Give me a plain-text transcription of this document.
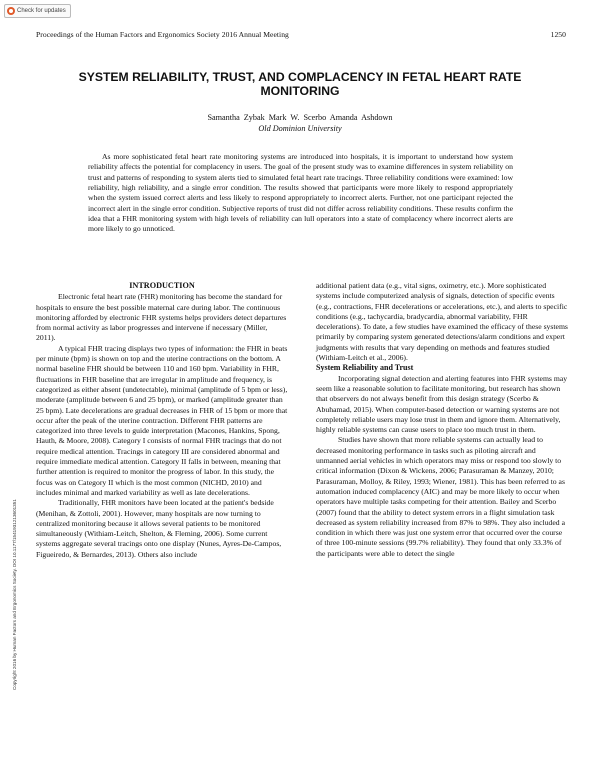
Check for updates
Proceedings of the Human Factors and Ergonomics Society 2016 Annual Meeting	1250
SYSTEM RELIABILITY, TRUST, AND COMPLACENCY IN FETAL HEART RATE MONITORING
Samantha Zybak Mark W. Scerbo Amanda Ashdown
Old Dominion University

As more sophisticated fetal heart rate monitoring systems are introduced into hospitals, it is important to understand how system reliability affects the potential for complacency in users. The goal of the present study was to examine differences in system reliability on trust and patterns of responding to system alerts tied to simulated fetal heart rate tracings. Three reliability conditions were examined: low reliability, high reliability, and a single error condition. The results showed that participants were more likely to respond appropriately when the system issued correct alerts and less likely to respond appropriately to incorrect alerts. Further, not one participant rejected the incorrect alert in the single error condition. Subjective reports of trust did not differ across reliability conditions. These results confirm the idea that a FHR monitoring system with high levels of reliability can lull operators into a state of complacency where incorrect alerts are more likely to go unnoticed.

INTRODUCTION

Electronic fetal heart rate (FHR) monitoring has become the standard for hospitals to ensure the best possible maternal care during labor. The continuous monitoring afforded by electronic FHR systems helps providers detect departures from normal activity as labor progresses and intervene if necessary (Miller, 2011).

A typical FHR tracing displays two types of information: the FHR in beats per minute (bpm) is shown on top and the uterine contractions on the bottom. A normal baseline FHR should be between 110 and 160 bpm. Variability in FHR, fluctuations in FHR baseline that are irregular in amplitude and frequency, is categorized as either absent (undetectable), minimal (amplitude of 5 bpm or less), moderate (amplitude between 6 and 25 bpm), or marked (amplitude greater than 25 bpm). Late decelerations are gradual decreases in FHR of 15 bpm or more that occur after the peak of the uterine contraction. Different FHR patterns are categorized into three levels to guide interpretation (Macones, Hankins, Spong, Hauth, & Moore, 2008). Category I consists of normal FHR tracings that do not require medical attention. Tracings in category III are considered abnormal and require immediate medical attention. Category II falls in between, meaning that further attention is required to monitor the progress of labor. In this study, the focus was on Category II which is the most common (NICHD, 2010) and includes minimal and marked variability as well as late decelerations.

Traditionally, FHR monitors have been located at the patient's bedside (Menihan, & Zottoli, 2001). However, many hospitals are now turning to centralized monitoring because it allows several patients to be monitored simultaneously (Withiam-Leitch, Shelton, & Fleming, 2006). Some current systems aggregate several tracings onto one display (Nunes, Ayres-De-Campos, Figueiredo, & Bernardes, 2013). Others also include

additional patient data (e.g., vital signs, oximetry, etc.). More sophisticated systems include computerized analysis of signals, detection of specific events (e.g., contractions, FHR decelerations or accelerations, etc.), and alerts to specific conditions (e.g., tachycardia, bradycardia, abnormal variability, FHR decelerations). To date, a few studies have examined the efficacy of these systems primarily by comparing system generated detections/alarm conditions and expert judgments with results that vary depending on methods and features studied (Withiam-Leitch et al., 2006).

System Reliability and Trust

Incorporating signal detection and alerting features into FHR systems may seem like a reasonable solution to facilitate monitoring, but research has shown that observers do not always benefit from this design strategy (Scerbo & Abuhamad, 2015). When computer-based detection or warning systems are not completely reliable users may lose trust in them and ignore them. Alternatively, highly reliable systems can cause users to place too much trust in them.

Studies have shown that more reliable systems can actually lead to decreased monitoring performance in tasks such as piloting aircraft and unmanned aerial vehicles in which operators may miss or respond too slowly to critical information (Dixon & Wickens, 2006; Parasuraman & Manzey, 2010; Parasuraman, Molloy, & Riley, 1993; Wiener, 1981). This has been referred to as automation induced complacency (AIC) and may be more likely to occur when operators have multiple tasks competing for their attention. Bailey and Scerbo (2007) found that the ability to detect system errors in a flight simulation task decreased as system reliability increased from 87% to 98%. They also included a condition in which there was just one system error that occurred over the course of three 100-minute sessions (99.7% reliability). They found that only 33.3% of the participants were able to detect the single

Copyright 2016 by Human Factors and Ergonomics Society. DOI 10.1177/1541931213601351
